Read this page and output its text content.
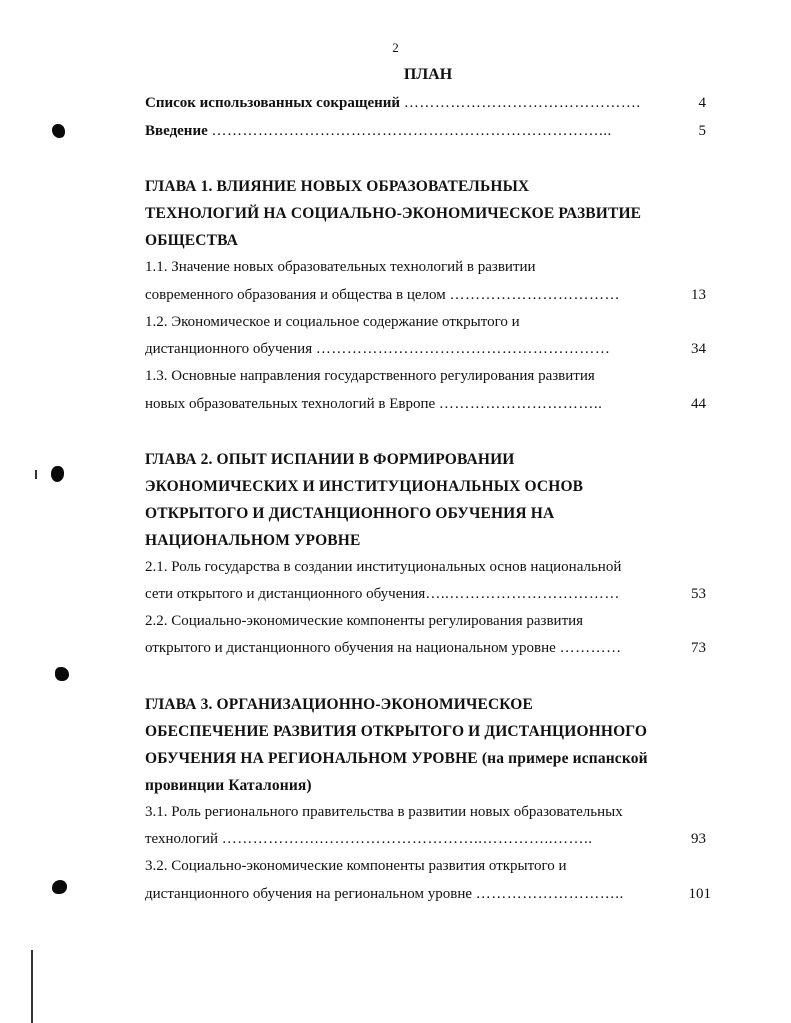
2
ПЛАН
Список использованных сокращений ……………………………………….	4
Введение …………………………………………………………………...	5
ГЛАВА 1. ВЛИЯНИЕ НОВЫХ ОБРАЗОВАТЕЛЬНЫХ
ТЕХНОЛОГИЙ НА СОЦИАЛЬНО-ЭКОНОМИЧЕСКОЕ РАЗВИТИЕ
ОБЩЕСТВА
1.1. Значение новых образовательных технологий в развитии
современного образования и общества в целом ……………………………	13
1.2. Экономическое и социальное содержание открытого и
дистанционного обучения …………………………………………………	34
1.3. Основные направления государственного регулирования развития
новых образовательных технологий в Европе …………………………..	44
ГЛАВА 2. ОПЫТ ИСПАНИИ В ФОРМИРОВАНИИ
ЭКОНОМИЧЕСКИХ И ИНСТИТУЦИОНАЛЬНЫХ ОСНОВ
ОТКРЫТОГО И ДИСТАНЦИОННОГО ОБУЧЕНИЯ НА
НАЦИОНАЛЬНОМ УРОВНЕ
2.1. Роль государства в создании институциональных основ национальной
сети открытого и дистанционного обучения…..……………………………	53
2.2. Социально-экономические компоненты регулирования развития
открытого и дистанционного обучения на национальном уровне …………	73
ГЛАВА 3. ОРГАНИЗАЦИОННО-ЭКОНОМИЧЕСКОЕ
ОБЕСПЕЧЕНИЕ РАЗВИТИЯ ОТКРЫТОГО И ДИСТАНЦИОННОГО
ОБУЧЕНИЯ НА РЕГИОНАЛЬНОМ УРОВНЕ (на примере испанской
провинции Каталония)
3.1. Роль регионального правительства в развитии новых образовательных
технологий ……………….…………………………..…………..……..	93
3.2. Социально-экономические компоненты развития открытого и
дистанционного обучения на региональном уровне ………………………..	101
